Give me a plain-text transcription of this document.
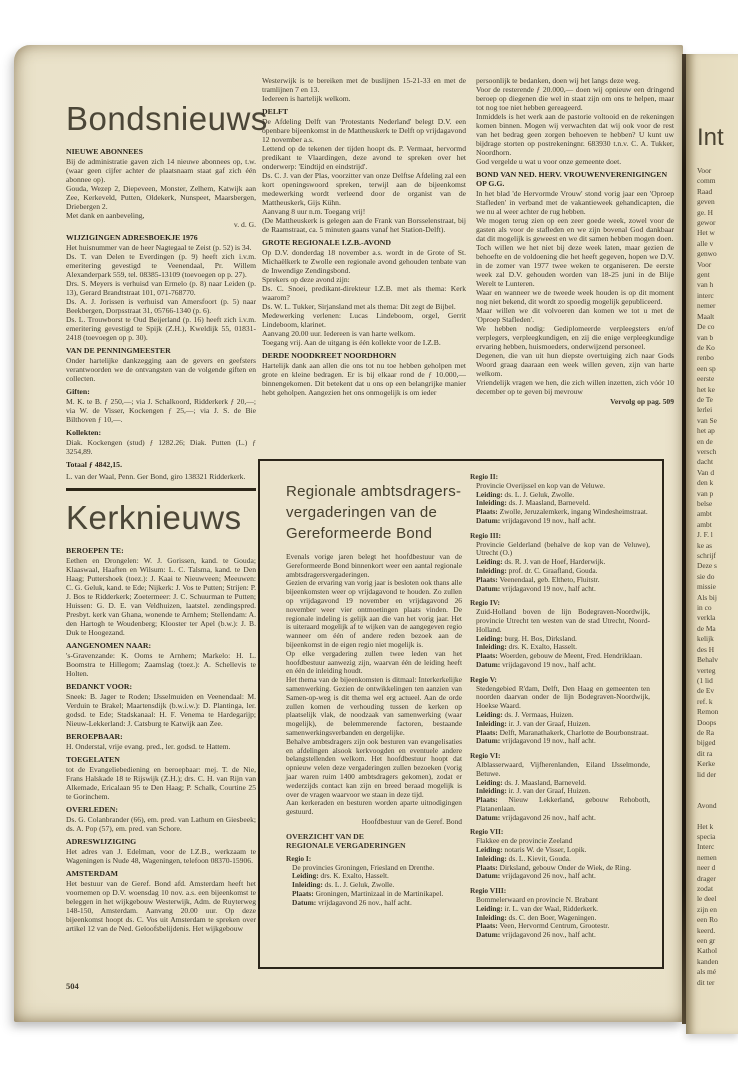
Bondsnieuws
NIEUWE ABONNEES

Bij de administratie gaven zich 14 nieuwe abonnees op, t.w. (waar geen cijfer achter de plaatsnaam staat gaf zich één abonnee op).

Gouda, Wezep 2, Diepeveen, Monster, Zelhem, Katwijk aan Zee, Kerkeveld, Putten, Oldekerk, Nunspeet, Maarsbergen, Driebergen 2.

Met dank en aanbeveling,

v. d. G.
WIJZIGINGEN ADRESBOEKJE 1976

Het huisnummer van de heer Nagtegaal te Zeist (p. 52) is 34.

Ds. T. van Delen te Everdingen (p. 9) heeft zich i.v.m. emeritering gevestigd te Veenendaal, Pr. Willem Alexanderpark 559, tel. 08385-13109 (toevoegen op p. 27).

Drs. S. Meyers is verhuisd van Ermelo (p. 8) naar Leiden (p. 13), Gerard Brandtstraat 101, 071-768770.

Ds. A. J. Jorissen is verhuisd van Amersfoort (p. 5) naar Beekbergen, Dorpsstraat 31, 05766-1340 (p. 6).

Ds. L. Trouwborst te Oud Beijerland (p. 16) heeft zich i.v.m. emeritering gevestigd te Spijk (Z.H.), Kweldijk 55, 01831-2418 (toevoegen op p. 30).

VAN DE PENNINGMEESTER

Onder hartelijke dankzegging aan de gevers en geefsters verantwoorden we de ontvangsten van de volgende giften en collecten.

Giften:

M. K. te B. ƒ 250,—; via J. Schalkoord, Ridderkerk ƒ 20,—; via W. de Visser, Kockengen ƒ 25,—; via J. S. de Bie Bilthoven ƒ 10,—.

Kollekten:

Diak. Kockengen (stud) ƒ 1282.26; Diak. Putten (L.) ƒ 3254,89.

Totaal ƒ 4842,15.

L. van der Waal, Penn. Ger Bond, giro 138321 Ridderkerk.

Kerknieuws
BEROEPEN TE:

Eethen en Drongelen: W. J. Gorissen, kand. te Gouda; Klaaswaal, Haaften en Wilsum: L. C. Talsma, kand. te Den Haag; Puttershoek (toez.): J. Kaai te Nieuwveen; Meeuwen: C. G. Geluk, kand. te Ede; Nijkerk: J. Vos te Putten; Strijen: P. J. Bos te Ridderkerk; Zoetermeer: J. C. Schuurman te Putten; Huissen: G. D. E. van Veldhuizen, laatstel. zendingspred. Presbyt. kerk van Ghana, wonende te Arnhem; Stellendam: A. den Hartogh te Woudenberg; Klooster ter Apel (b.w.): J. B. Duk te Hoogezand.

AANGENOMEN NAAR:

's-Gravenzande: K. Ooms te Arnhem; Markelo: H. L. Boomstra te Hillegom; Zaamslag (toez.): A. Schellevis te Holten.

BEDANKT VOOR:

Sneek: B. Jager te Roden; IJsselmuiden en Veenendaal: M. Verduin te Brakel; Maartensdijk (b.w.i.w.): D. Plantinga, ler. godsd. te Ede; Stadskanaal: H. F. Venema te Hardegarijp; Nieuw-Lekkerland: J. Catsburg te Katwijk aan Zee.

BEROEPBAAR:

H. Onderstal, vrije evang. pred., ler. godsd. te Hattem.

TOEGELATEN

tot de Evangeliebediening en beroepbaar: mej. T. de Nie, Frans Halskade 18 te Rijswijk (Z.H.); drs. C. H. van Rijn van Alkemade, Ericalaan 95 te Den Haag; P. Schalk, Courtine 25 te Gorinchem.

OVERLEDEN:

Ds. G. Colanbrander (66), em. pred. van Lathum en Giesbeek; ds. A. Pop (57), em. pred. van Schore.

ADRESWIJZIGING

Het adres van J. Edelman, voor de I.Z.B., werkzaam te Wageningen is Nude 48, Wageningen, telefoon 08370-15906.

AMSTERDAM

Het bestuur van de Geref. Bond afd. Amsterdam heeft het voornemen op D.V. woensdag 10 nov. a.s. een bijeenkomst te beleggen in het wijkgebouw Westerwijk, Adm. de Ruyterweg 148-150, Amsterdam. Aanvang 20.00 uur. Op deze bijeenkomst hoopt ds. C. Vos uit Amsterdam te spreken over artikel 12 van de Ned. Geloofsbelijdenis. Het wijkgebouw

Westerwijk is te bereiken met de buslijnen 15-21-33 en met de tramlijnen 7 en 13.

Iedereen is hartelijk welkom.

DELFT

De Afdeling Delft van 'Protestants Nederland' belegt D.V. een openbare bijeenkomst in de Mattheuskerk te Delft op vrijdagavond 12 november a.s.

Lettend op de tekenen der tijden hoopt ds. P. Vermaat, hervormd predikant te Vlaardingen, deze avond te spreken over het onderwerp: 'Eindtijd en eindstrijd'.

Ds. C. J. van der Plas, voorzitter van onze Delftse Afdeling zal een kort openingswoord spreken, terwijl aan de bijeenkomst medewerking wordt verleend door de organist van de Mattheuskerk, Gijs Kühn.

Aanvang 8 uur n.m. Toegang vrij!

(De Mattheuskerk is gelegen aan de Frank van Borsselenstraat, bij de Raamstraat, ca. 5 minuten gaans vanaf het Station-Delft).

GROTE REGIONALE I.Z.B.-AVOND

Op D.V. donderdag 18 november a.s. wordt in de Grote of St. Michaëlkerk te Zwolle een regionale avond gehouden tenbate van de Inwendige Zendingsbond.

Sprekers op deze avond zijn:

Ds. C. Snoei, predikant-direkteur I.Z.B. met als thema: Kerk waarom?

Ds. W. L. Tukker, Sirjansland met als thema: Dit zegt de Bijbel.

Medewerking verlenen: Lucas Lindeboom, orgel, Gerrit Lindeboom, klarinet.

Aanvang 20.00 uur. Iedereen is van harte welkom.

Toegang vrij. Aan de uitgang is één kollekte voor de I.Z.B.

DERDE NOODKREET NOORDHORN

Hartelijk dank aan allen die ons tot nu toe hebben geholpen met grote en kleine bedragen. Er is bij elkaar rond de ƒ 10.000,— binnengekomen. Dit betekent dat u ons op een belangrijke manier hebt geholpen. Aangezien het ons onmogelijk is om ieder

persoonlijk te bedanken, doen wij het langs deze weg.

Voor de resterende ƒ 20.000,— doen wij opnieuw een dringend beroep op diegenen die wel in staat zijn om ons te helpen, maar tot nog toe niet hebben gereageerd.

Inmiddels is het werk aan de pastorie voltooid en de rekeningen komen binnen. Mogen wij verwachten dat wij ook voor de rest van het bedrag geen zorgen behoeven te hebben? U kunt uw bijdrage storten op postrekeningnr. 683930 t.n.v. C. A. Tukker, Noordhorn.

God vergelde u wat u voor onze gemeente doet.

BOND VAN NED. HERV. VROUWENVERENIGINGEN OP G.G.

In het blad 'de Hervormde Vrouw' stond vorig jaar een 'Oproep Stafleden' in verband met de vakantieweek gehandicapten, die we nu al weer achter de rug hebben.

We mogen terug zien op een zeer goede week, zowel voor de gasten als voor de stafleden en we zijn bovenal God dankbaar dat dit mogelijk is geweest en we dit samen hebben mogen doen.

Toch willen we het niet bij deze week laten, maar gezien de behoefte en de voldoening die het heeft gegeven, hopen we D.V. in de zomer van 1977 twee weken te organiseren. De eerste week zal D.V. gehouden worden van 18-25 juni in de Blije Werelt te Lunteren.

Waar en wanneer we de tweede week houden is op dit moment nog niet bekend, dit wordt zo spoedig mogelijk gepubliceerd.

Maar willen we dit volvoeren dan komen we tot u met de 'Oproep Stafleden'.

We hebben nodig: Gediplomeerde verpleegsters en/of verplegers, verpleegkundigen, en zij die enige verpleegkundige ervaring hebben, huismoeders, onderwijzend personeel.

Degenen, die van uit hun diepste overtuiging zich naar Gods Woord graag daaraan een week willen geven, zijn van harte welkom.

Vriendelijk vragen we hen, die zich willen inzetten, zich vóór 10 december op te geven bij mevrouw

Vervolg op pag. 509
Regionale ambtsdragers-
vergaderingen van de
Gereformeerde Bond

Evenals vorige jaren belegt het hoofdbestuur van de Gereformeerde Bond binnenkort weer een aantal regionale ambtsdragersvergaderingen.

Gezien de ervaring van vorig jaar is besloten ook thans alle bijeenkomsten weer op vrijdagavond te houden. Zo zullen op vrijdagavond 19 november en vrijdagavond 26 november weer vier ontmoetingen plaats vinden. De regionale indeling is gelijk aan die van het vorig jaar. Het is uiteraard mogelijk af te wijken van de aangegeven regio wanneer om één of andere reden bezoek aan de bijeenkomst in de eigen regio niet mogelijk is.

Op elke vergadering zullen twee leden van het hoofdbestuur aanwezig zijn, waarvan één de leiding heeft en één de inleiding houdt.

Het thema van de bijeenkomsten is ditmaal: Interkerkelijke samenwerking. Gezien de ontwikkelingen ten aanzien van Samen-op-weg is dit thema wel erg actueel. Aan de orde zullen komen de verhouding tussen de kerken op plaatselijk vlak, de noodzaak van samenwerking (waar mogelijk), de belemmerende factoren, bestaande samenwerkingsverbanden en dergelijke.

Behalve ambtsdragers zijn ook besturen van evangelisaties en afdelingen alsook kerkvoogden en eventuele andere belangstellenden welkom. Het hoofdbestuur hoopt dat opnieuw velen deze vergaderingen zullen bezoeken (vorig jaar waren ruim 1400 ambtsdragers gekomen), zodat er wederzijds contact kan zijn en breed beraad mogelijk is over de vragen waarvoor we staan in deze tijd.

Aan kerkeraden en besturen worden aparte uitnodigingen gestuurd.

Hoofdbestuur van de Geref. Bond
OVERZICHT VAN DE
REGIONALE VERGADERINGEN
Regio I:
De provincies Groningen, Friesland en Drenthe.
Leiding: drs. K. Exalto, Hasselt.
Inleiding: ds. L. J. Geluk, Zwolle.
Plaats: Groningen, Martinizaal in de Martinikapel.
Datum: vrijdagavond 26 nov., half acht.
Regio II:
Provincie Overijssel en kop van de Veluwe.
Leiding: ds. L. J. Geluk, Zwolle.
Inleiding: ds. J. Maasland, Barneveld.
Plaats: Zwolle, Jeruzalemkerk, ingang Windesheimstraat.
Datum: vrijdagavond 19 nov., half acht.
Regio III:
Provincie Gelderland (behalve de kop van de Veluwe), Utrecht (O.)
Leiding: ds. R. J. van de Hoef, Harderwijk.
Inleiding: prof. dr. C. Graafland, Gouda.
Plaats: Veenendaal, geb. Eltheto, Fluitstr.
Datum: vrijdagavond 19 nov., half acht.
Regio IV:
Zuid-Holland boven de lijn Bodegraven-Noordwijk, provincie Utrecht ten westen van de stad Utrecht, Noord-Holland.
Leiding: burg. H. Bos, Dirksland.
Inleiding: drs. K. Exalto, Hasselt.
Plaats: Woerden, gebouw de Meent, Fred. Hendriklaan.
Datum: vrijdagavond 19 nov., half acht.
Regio V:
Stedengebied R'dam, Delft, Den Haag en gemeenten ten noorden daarvan onder de lijn Bodegraven-Noordwijk, Hoekse Waard.
Leiding: ds. J. Vermaas, Huizen.
Inleiding: ir. J. van der Graaf, Huizen.
Plaats: Delft, Maranathakerk, Charlotte de Bourbonstraat.
Datum: vrijdagavond 19 nov., half acht.
Regio VI:
Alblasserwaard, Vijfherenlanden, Eiland IJsselmonde, Betuwe.
Leiding: ds. J. Maasland, Barneveld.
Inleiding: ir. J. van der Graaf, Huizen.
Plaats: Nieuw Lekkerland, gebouw Rehoboth, Platanenlaan.
Datum: vrijdagavond 26 nov., half acht.
Regio VII:
Flakkee en de provincie Zeeland
Leiding: notaris W. de Visser, Lopik.
Inleiding: ds. L. Kievit, Gouda.
Plaats: Dirksland, gebouw Onder de Wiek, de Ring.
Datum: vrijdagavond 26 nov., half acht.
Regio VIII:
Bommelerwaard en provincie N. Brabant
Leiding: ir. L. van der Waal, Ridderkerk.
Inleiding: ds. C. den Boer, Wageningen.
Plaats: Veen, Hervormd Centrum, Grootestr.
Datum: vrijdagavond 26 nov., half acht.
504
Int
Voor
comm
Raad
geven
ge. H
gewor
Het w
alle v
genwo
Voor
gent
van h
interc
nemer
Maalt
De co
van b
de Ko
renbo
een sp
eerste
het ke
de Te
lerlei
van Se
het ap
en de
versch
dacht
Van d
den k
van p
belse
ambt
ambt
J. F. l
ke as
schrijf
Deze s
sie do
missie
Als bij
in co
verkla
de Ma
kelijk
des H
Behalv
verteg
(1 lid
de Ev
ref. k
Remon
Doops
de Ra
bijged
dit ra
Kerke
lid der

Avond

Het k
specia
Interc
nemen
neer d
drager
zodat
le deel
zijn en
een Ro
keerd.
een gr
Kathol
kanden
als mé
dit ter
